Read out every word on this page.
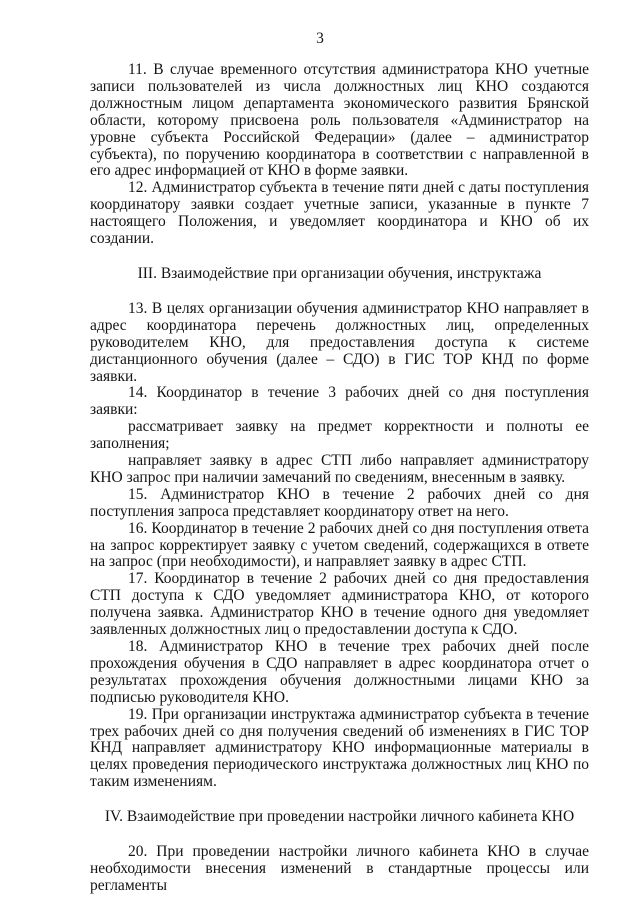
3

11. В случае временного отсутствия администратора КНО учетные записи пользователей из числа должностных лиц КНО создаются должностным лицом департамента экономического развития Брянской области, которому присвоена роль пользователя «Администратор на уровне субъекта Российской Федерации» (далее – администратор субъекта), по поручению координатора в соответствии с направленной в его адрес информацией от КНО в форме заявки.

12. Администратор субъекта в течение пяти дней с даты поступления координатору заявки создает учетные записи, указанные в пункте 7 настоящего Положения, и уведомляет координатора и КНО об их создании.

III. Взаимодействие при организации обучения, инструктажа

13. В целях организации обучения администратор КНО направляет в адрес координатора перечень должностных лиц, определенных руководителем КНО, для предоставления доступа к системе дистанционного обучения (далее – СДО) в ГИС ТОР КНД по форме заявки.

14. Координатор в течение 3 рабочих дней со дня поступления заявки:

рассматривает заявку на предмет корректности и полноты ее заполнения;

направляет заявку в адрес СТП либо направляет администратору КНО запрос при наличии замечаний по сведениям, внесенным в заявку.

15. Администратор КНО в течение 2 рабочих дней со дня поступления запроса представляет координатору ответ на него.

16. Координатор в течение 2 рабочих дней со дня поступления ответа на запрос корректирует заявку с учетом сведений, содержащихся в ответе на запрос (при необходимости), и направляет заявку в адрес СТП.

17. Координатор в течение 2 рабочих дней со дня предоставления СТП доступа к СДО уведомляет администратора КНО, от которого получена заявка. Администратор КНО в течение одного дня уведомляет заявленных должностных лиц о предоставлении доступа к СДО.

18. Администратор КНО в течение трех рабочих дней после прохождения обучения в СДО направляет в адрес координатора отчет о результатах прохождения обучения должностными лицами КНО за подписью руководителя КНО.

19. При организации инструктажа администратор субъекта в течение трех рабочих дней со дня получения сведений об изменениях в ГИС ТОР КНД направляет администратору КНО информационные материалы в целях проведения периодического инструктажа должностных лиц КНО по таким изменениям.

IV. Взаимодействие при проведении настройки личного кабинета КНО

20. При проведении настройки личного кабинета КНО в случае необходимости внесения изменений в стандартные процессы или регламенты
